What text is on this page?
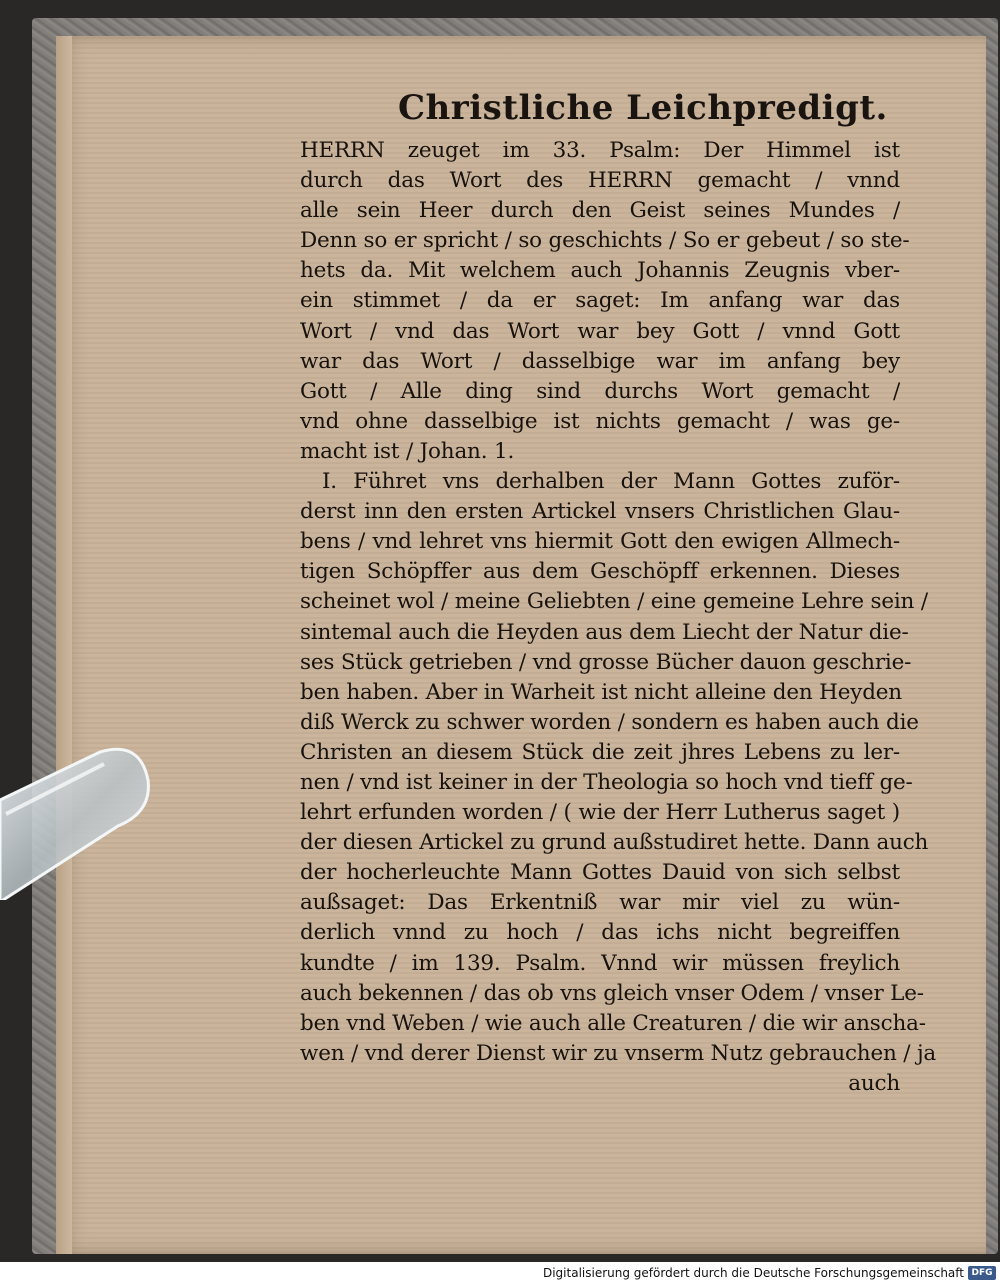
Christliche Leichpredigt.
HERRN zeuget im 33. Psalm: Der Himmel ist
durch das Wort des HERRN gemacht / vnnd
alle sein Heer durch den Geist seines Mundes /
Denn so er spricht / so geschichts / So er gebeut / so ste-
hets da. Mit welchem auch Johannis Zeugnis vber-
ein stimmet / da er saget: Im anfang war das
Wort / vnd das Wort war bey Gott / vnnd Gott
war das Wort / dasselbige war im anfang bey
Gott / Alle ding sind durchs Wort gemacht /
vnd ohne dasselbige ist nichts gemacht / was ge-
macht ist / Johan. 1.
I. Führet vns derhalben der Mann Gottes zuför-
derst inn den ersten Artickel vnsers Christlichen Glau-
bens / vnd lehret vns hiermit Gott den ewigen Allmech-
tigen Schöpffer aus dem Geschöpff erkennen. Dieses
scheinet wol / meine Geliebten / eine gemeine Lehre sein /
sintemal auch die Heyden aus dem Liecht der Natur die-
ses Stück getrieben / vnd grosse Bücher dauon geschrie-
ben haben. Aber in Warheit ist nicht alleine den Heyden
diß Werck zu schwer worden / sondern es haben auch die
Christen an diesem Stück die zeit jhres Lebens zu ler-
nen / vnd ist keiner in der Theologia so hoch vnd tieff ge-
lehrt erfunden worden / ( wie der Herr Lutherus saget )
der diesen Artickel zu grund außstudiret hette. Dann auch
der hocherleuchte Mann Gottes Dauid von sich selbst
außsaget: Das Erkentniß war mir viel zu wün-
derlich vnnd zu hoch / das ichs nicht begreiffen
kundte / im 139. Psalm. Vnnd wir müssen freylich
auch bekennen / das ob vns gleich vnser Odem / vnser Le-
ben vnd Weben / wie auch alle Creaturen / die wir anscha-
wen / vnd derer Dienst wir zu vnserm Nutz gebrauchen / ja
auch
Digitalisierung gefördert durch die Deutsche Forschungsgemeinschaft DFG
